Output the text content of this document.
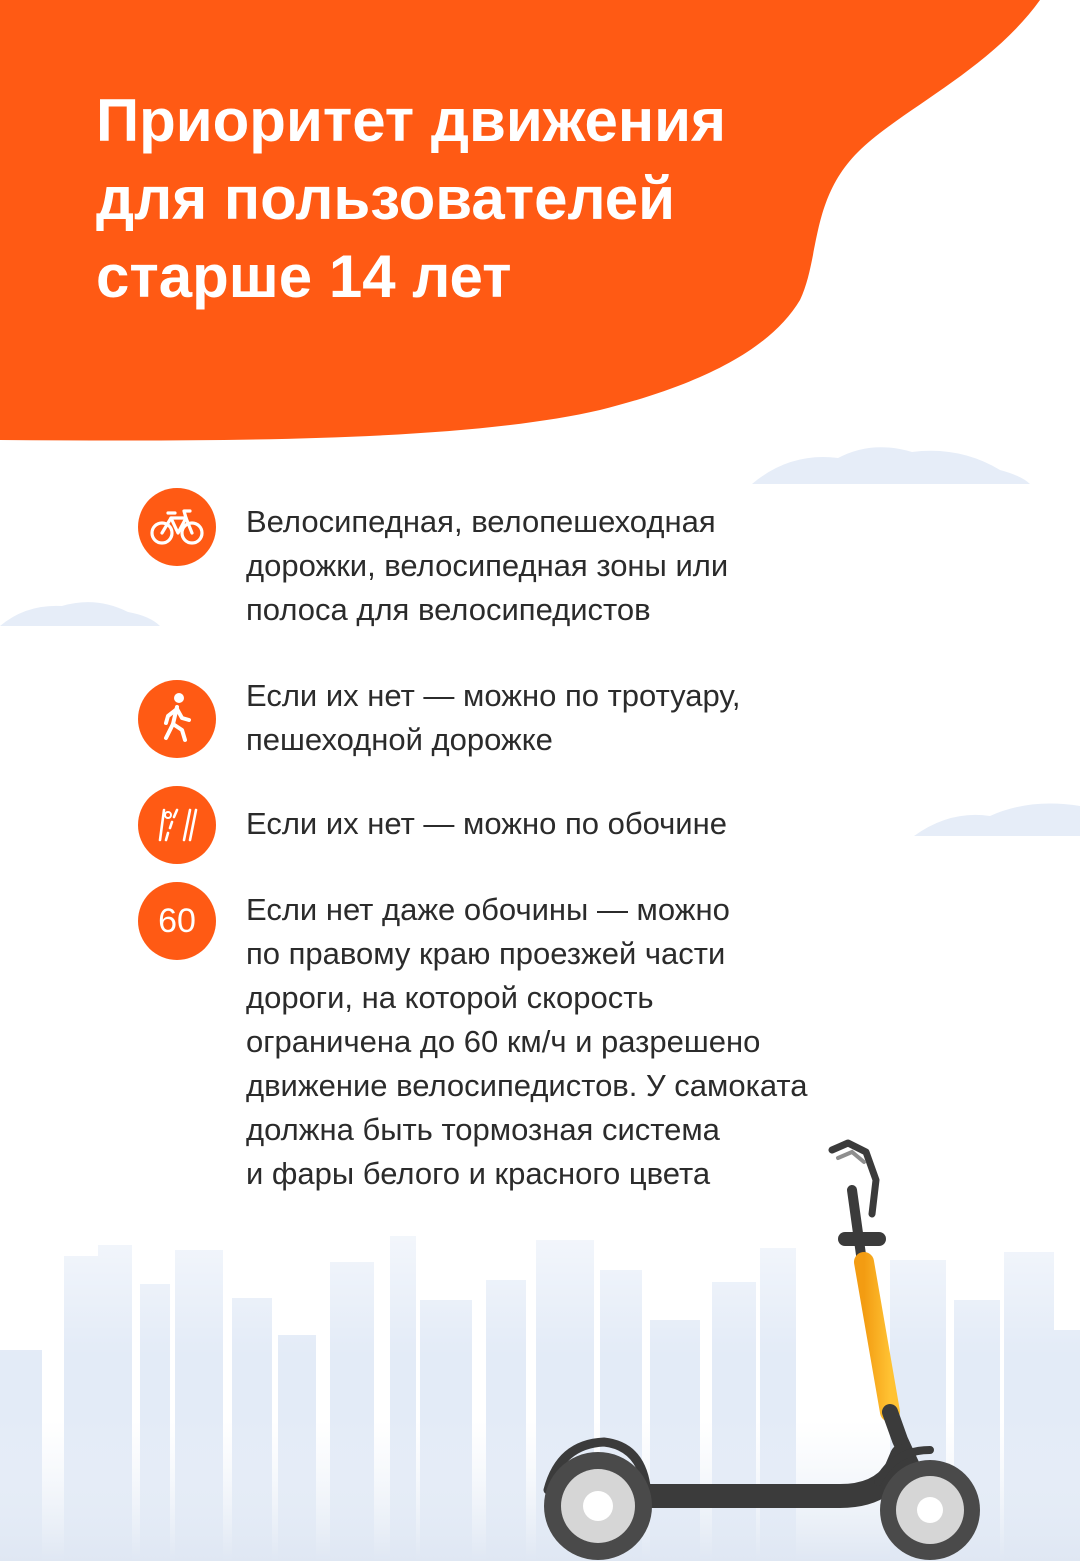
Приоритет движения
для пользователей
старше 14 лет

Велосипедная, велопешеходная
дорожки, велосипедная зоны или
полоса для велосипедистов

Если их нет — можно по тротуару,
пешеходной дорожке

Если их нет — можно по обочине

60	Если нет даже обочины — можно
по правому краю проезжей части
дороги, на которой скорость
ограничена до 60 км/ч и разрешено
движение велосипедистов. У самоката
должна быть тормозная система
и фары белого и красного цвета
